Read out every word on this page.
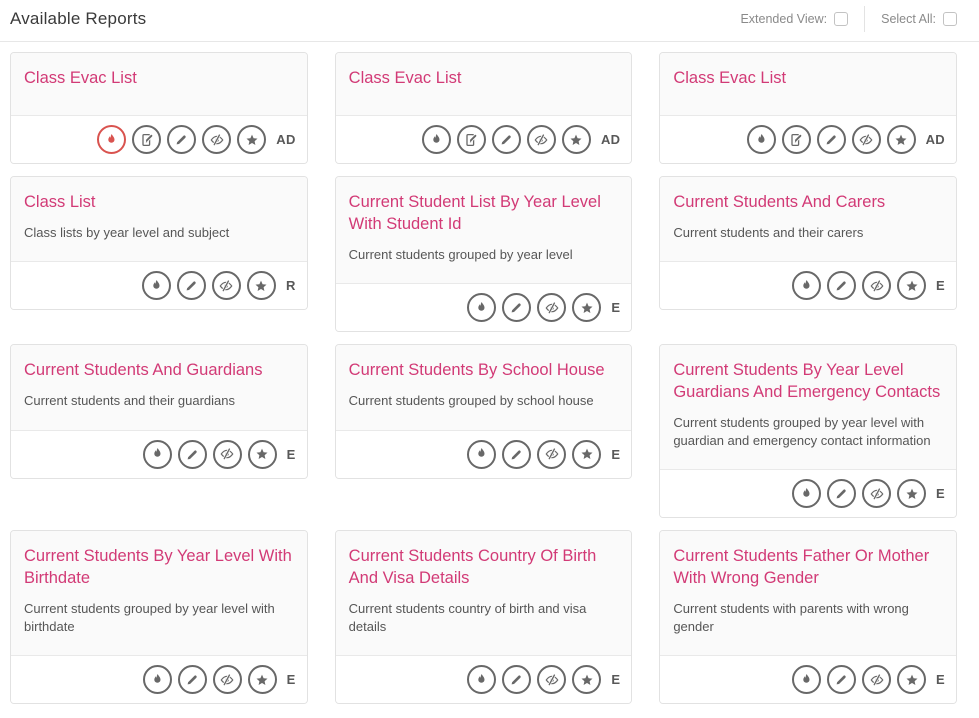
Available Reports	Extended View:	Select All:
Class Evac List
AD
Class Evac List
AD
Class Evac List
AD
Class List
Class lists by year level and subject
R
Current Student List By Year Level With Student Id
Current students grouped by year level
E
Current Students And Carers
Current students and their carers
E
Current Students And Guardians
Current students and their guardians
E
Current Students By School House
Current students grouped by school house
E
Current Students By Year Level Guardians And Emergency Contacts
Current students grouped by year level with guardian and emergency contact information
E
Current Students By Year Level With Birthdate
Current students grouped by year level with birthdate
E
Current Students Country Of Birth And Visa Details
Current students country of birth and visa details
E
Current Students Father Or Mother With Wrong Gender
Current students with parents with wrong gender
E
